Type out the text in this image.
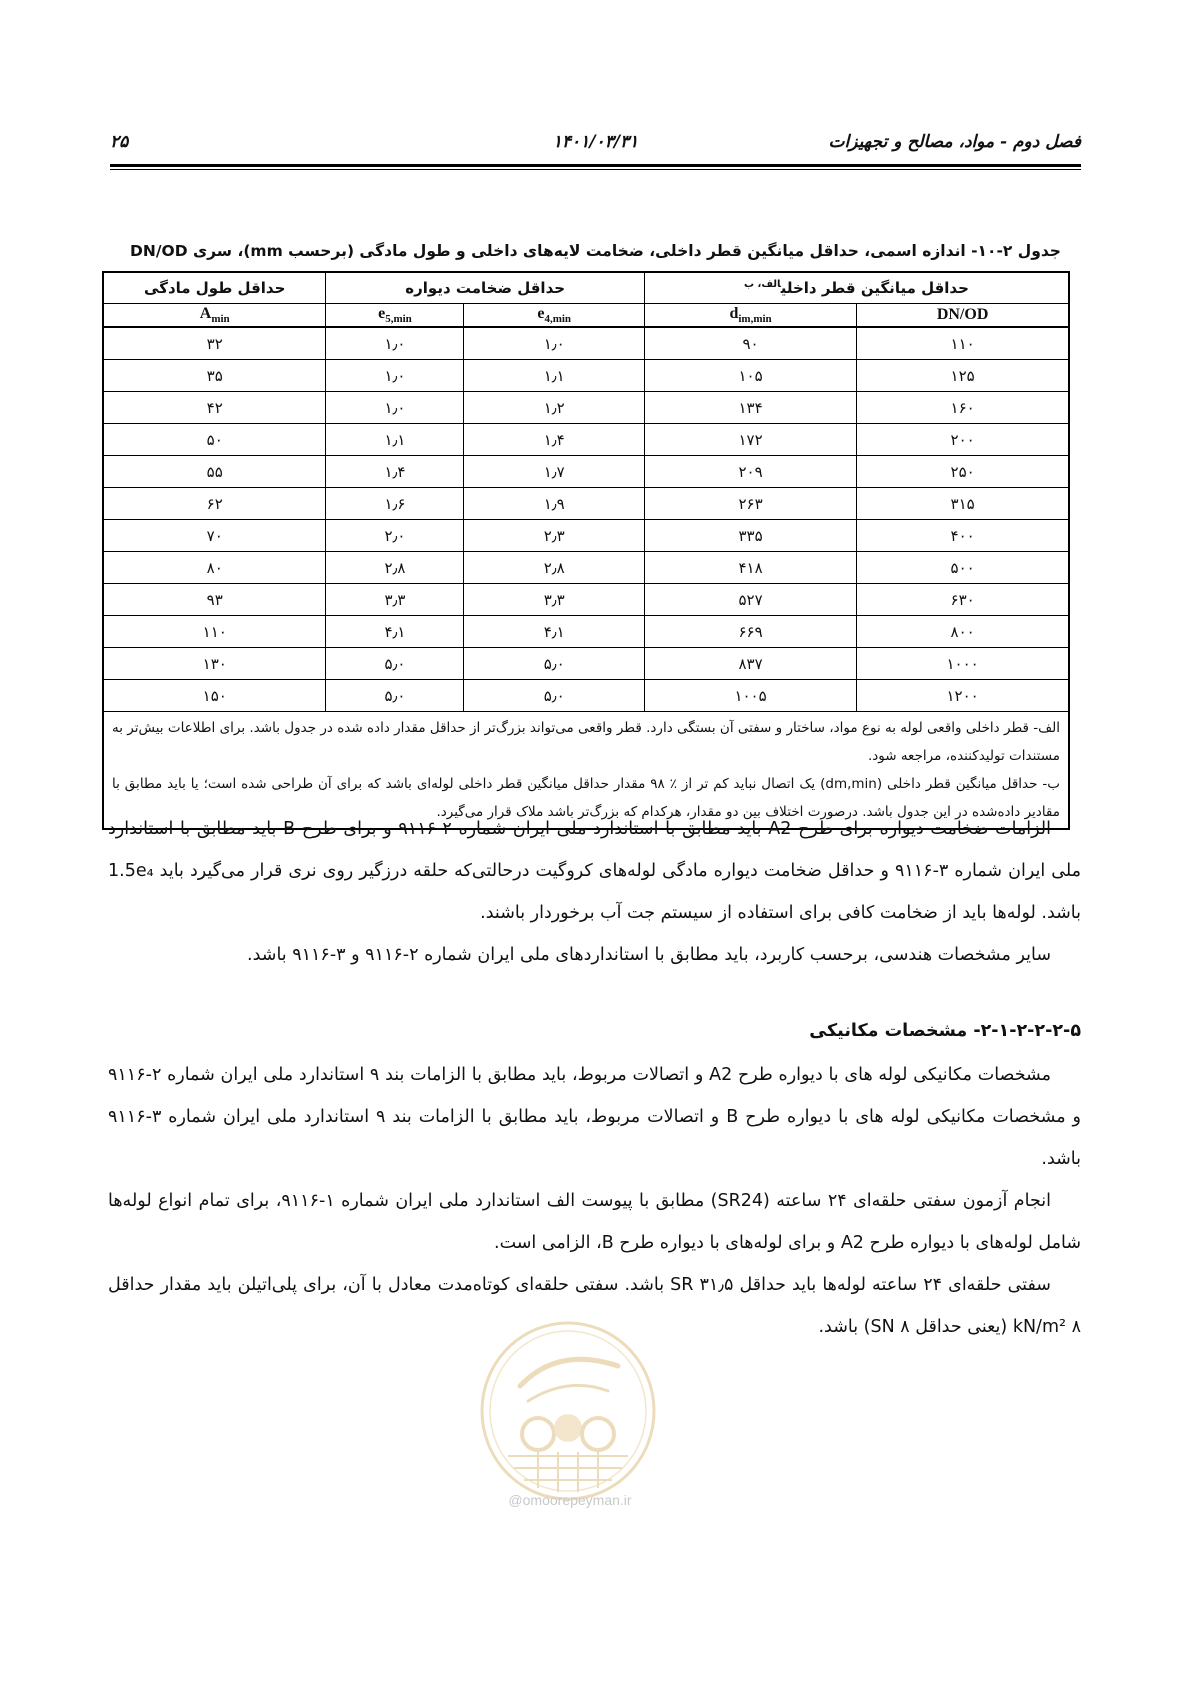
فصل دوم - مواد، مصالح و تجهیزات
۱۴۰۱/۰۳/۳۱
۲۵
جدول ۲-۱۰- اندازه اسمی، حداقل میانگین قطر داخلی، ضخامت لایه‌های داخلی و طول مادگی (برحسب mm)، سری DN/OD
حداقل میانگین قطر داخلی$^{الف، ب}$		حداقل ضخامت دیواره		حداقل طول مادگی
DN/OD	$d_{im,min}$	$e_{4,min}$	$e_{5,min}$	$A_{min}$
۱۱۰	۹۰	۱٫۰	۱٫۰	۳۲
۱۲۵	۱۰۵	۱٫۱	۱٫۰	۳۵
۱۶۰	۱۳۴	۱٫۲	۱٫۰	۴۲
۲۰۰	۱۷۲	۱٫۴	۱٫۱	۵۰
۲۵۰	۲۰۹	۱٫۷	۱٫۴	۵۵
۳۱۵	۲۶۳	۱٫۹	۱٫۶	۶۲
۴۰۰	۳۳۵	۲٫۳	۲٫۰	۷۰
۵۰۰	۴۱۸	۲٫۸	۲٫۸	۸۰
۶۳۰	۵۲۷	۳٫۳	۳٫۳	۹۳
۸۰۰	۶۶۹	۴٫۱	۴٫۱	۱۱۰
۱۰۰۰	۸۳۷	۵٫۰	۵٫۰	۱۳۰
۱۲۰۰	۱۰۰۵	۵٫۰	۵٫۰	۱۵۰

الف- قطر داخلی واقعی لوله به نوع مواد، ساختار و سفتی آن بستگی دارد. قطر واقعی می‌تواند بزرگ‌تر از حداقل مقدار داده شده در جدول باشد. برای اطلاعات بیش‌تر به مستندات تولیدکننده، مراجعه شود.

ب- حداقل میانگین قطر داخلی (dm,min) یک اتصال نباید کم تر از ٪ ۹۸ مقدار حداقل میانگین قطر داخلی لوله‌ای باشد که برای آن طراحی شده است؛ یا باید مطابق با مقادیر داده‌شده در این جدول باشد. درصورت اختلاف بین دو مقدار، هرکدام که بزرگ‌تر باشد ملاک قرار می‌گیرد.				

الزامات ضخامت دیواره برای طرح A2 باید مطابق با استاندارد ملی ایران شماره ۲-۹۱۱۶ و برای طرح B باید مطابق با استاندارد ملی ایران شماره ۳-۹۱۱۶ و حداقل ضخامت دیواره مادگی لوله‌های کروگیت درحالتی‌که حلقه درزگیر روی نری قرار می‌گیرد باید 1.5e₄ باشد. لوله‌ها باید از ضخامت کافی برای استفاده از سیستم جت آب برخوردار باشند.

سایر مشخصات هندسی، برحسب کاربرد، باید مطابق با استانداردهای ملی ایران شماره ۲-۹۱۱۶ و ۳-۹۱۱۶ باشد.

۲-۱-۲-۲-۲-۵- مشخصات مکانیکی

مشخصات مکانیکی لوله های با دیواره طرح A2 و اتصالات مربوط، باید مطابق با الزامات بند ۹ استاندارد ملی ایران شماره ۲-۹۱۱۶ و مشخصات مکانیکی لوله های با دیواره طرح B و اتصالات مربوط، باید مطابق با الزامات بند ۹ استاندارد ملی ایران شماره ۳-۹۱۱۶ باشد.

انجام آزمون سفتی حلقه‌ای ۲۴ ساعته (SR24) مطابق با پیوست الف استاندارد ملی ایران شماره ۱-۹۱۱۶، برای تمام انواع لوله‌ها شامل لوله‌های با دیواره طرح A2 و برای لوله‌های با دیواره طرح B، الزامی است.

سفتی حلقه‌ای ۲۴ ساعته لوله‌ها باید حداقل SR ۳۱٫۵ باشد. سفتی حلقه‌ای کوتاه‌مدت معادل با آن، برای پلی‌اتیلن باید مقدار حداقل ۸ kN/m² (یعنی حداقل SN ۸) باشد.

@omoorepeyman.ir
